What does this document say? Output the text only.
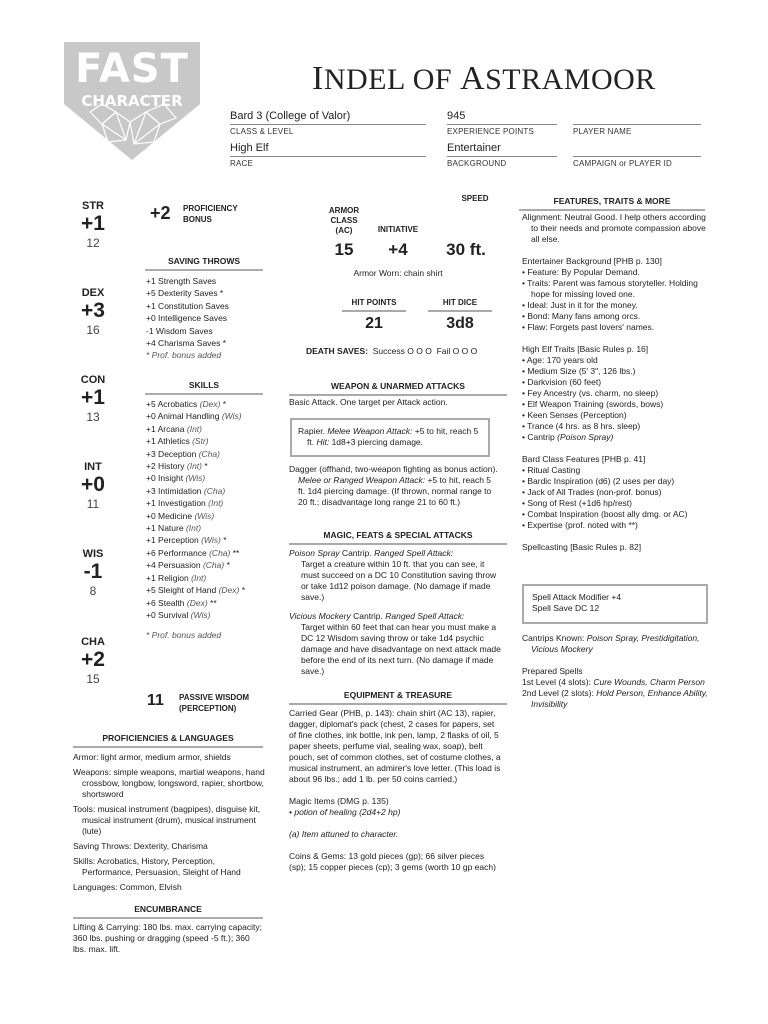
FAST
CHARACTER
INDEL OF ASTRAMOOR
Bard 3 (College of Valor)
CLASS & LEVEL
945
EXPERIENCE POINTS	PLAYER NAME
High Elf
RACE
Entertainer
BACKGROUND	CAMPAIGN or PLAYER ID
STR
+1
12
DEX
+3
16
CON
+1
13
INT
+0
11
WIS
-1
8
CHA
+2
15
+2 PROFICIENCY
BONUS
SAVING THROWS
+1 Strength Saves
+5 Dexterity Saves *
+1 Constitution Saves
+0 Intelligence Saves
-1 Wisdom Saves
+4 Charisma Saves *
* Prof. bonus added
SKILLS
+5 Acrobatics (Dex) *
+0 Animal Handling (Wis)
+1 Arcana (Int)
+1 Athletics (Str)
+3 Deception (Cha)
+2 History (Int) *
+0 Insight (Wis)
+3 Intimidation (Cha)
+1 Investigation (Int)
+0 Medicine (Wis)
+1 Nature (Int)
+1 Perception (Wis) *
+6 Performance (Cha) **
+4 Persuasion (Cha) *
+1 Religion (Int)
+5 Sleight of Hand (Dex) *
+6 Stealth (Dex) **
+0 Survival (Wis)
* Prof. bonus added
11 PASSIVE WISDOM
(PERCEPTION)
PROFICIENCIES & LANGUAGES
Armor: light armor, medium armor, shields
Weapons: simple weapons, martial weapons, hand crossbow, longbow, longsword, rapier, shortbow, shortsword
Tools: musical instrument (bagpipes), disguise kit, musical instrument (drum), musical instrument (lute)
Saving Throws: Dexterity, Charisma
Skills: Acrobatics, History, Perception, Performance, Persuasion, Sleight of Hand
Languages: Common, Elvish
ENCUMBRANCE
Lifting & Carrying: 180 lbs. max. carrying capacity; 360 lbs. pushing or dragging (speed -5 ft.); 360 lbs. max. lift.
SPEED
ARMOR
CLASS
(AC)	INITIATIVE
15	+4	30 ft.
Armor Worn: chain shirt
HIT POINTS	HIT DICE
21	3d8
DEATH SAVES: Success O O O Fail O O O
WEAPON & UNARMED ATTACKS
Basic Attack. One target per Attack action.
Rapier. Melee Weapon Attack: +5 to hit, reach 5 ft. Hit: 1d8+3 piercing damage.
Dagger (offhand, two-weapon fighting as bonus action). Melee or Ranged Weapon Attack: +5 to hit, reach 5 ft. 1d4 piercing damage. (If thrown, normal range to 20 ft.; disadvantage long range 21 to 60 ft.)
MAGIC, FEATS & SPECIAL ATTACKS
Poison Spray Cantrip. Ranged Spell Attack:
Target a creature within 10 ft. that you can see, it must succeed on a DC 10 Constitution saving throw or take 1d12 poison damage. (No damage if made save.)
Vicious Mockery Cantrip. Ranged Spell Attack:
Target within 60 feet that can hear you must make a DC 12 Wisdom saving throw or take 1d4 psychic damage and have disadvantage on next attack made before the end of its next turn. (No damage if made save.)
EQUIPMENT & TREASURE
Carried Gear (PHB, p. 143): chain shirt (AC 13), rapier, dagger, diplomat's pack (chest, 2 cases for papers, set of fine clothes, ink bottle, ink pen, lamp, 2 flasks of oil, 5 paper sheets, perfume vial, sealing wax, soap), belt pouch, set of common clothes, set of costume clothes, a musical instrument, an admirer's love letter. (This load is about 96 lbs.; add 1 lb. per 50 coins carried.)
Magic Items (DMG p. 135)
• potion of healing (2d4+2 hp)
(a) Item attuned to character.
Coins & Gems: 13 gold pieces (gp); 66 silver pieces (sp); 15 copper pieces (cp); 3 gems (worth 10 gp each)
FEATURES, TRAITS & MORE
Alignment: Neutral Good. I help others according to their needs and promote compassion above all else.
Entertainer Background [PHB p. 130]
• Feature: By Popular Demand.
• Traits: Parent was famous storyteller. Holding hope for missing loved one.
• Ideal: Just in it for the money.
• Bond: Many fans among orcs.
• Flaw: Forgets past lovers' names.
High Elf Traits [Basic Rules p. 16]
• Age: 170 years old
• Medium Size (5' 3", 126 lbs.)
• Darkvision (60 feet)
• Fey Ancestry (vs. charm, no sleep)
• Elf Weapon Training (swords, bows)
• Keen Senses (Perception)
• Trance (4 hrs. as 8 hrs. sleep)
• Cantrip (Poison Spray)
Bard Class Features [PHB p. 41]
• Ritual Casting
• Bardic Inspiration (d6) (2 uses per day)
• Jack of All Trades (non-prof. bonus)
• Song of Rest (+1d6 hp/rest)
• Combat Inspiration (boost ally dmg. or AC)
• Expertise (prof. noted with **)
Spellcasting [Basic Rules p. 82]
Spell Attack Modifier +4
Spell Save DC 12
Cantrips Known: Poison Spray, Prestidigitation, Vicious Mockery
Prepared Spells
1st Level (4 slots): Cure Wounds, Charm Person
2nd Level (2 slots): Hold Person, Enhance Ability, Invisibility
